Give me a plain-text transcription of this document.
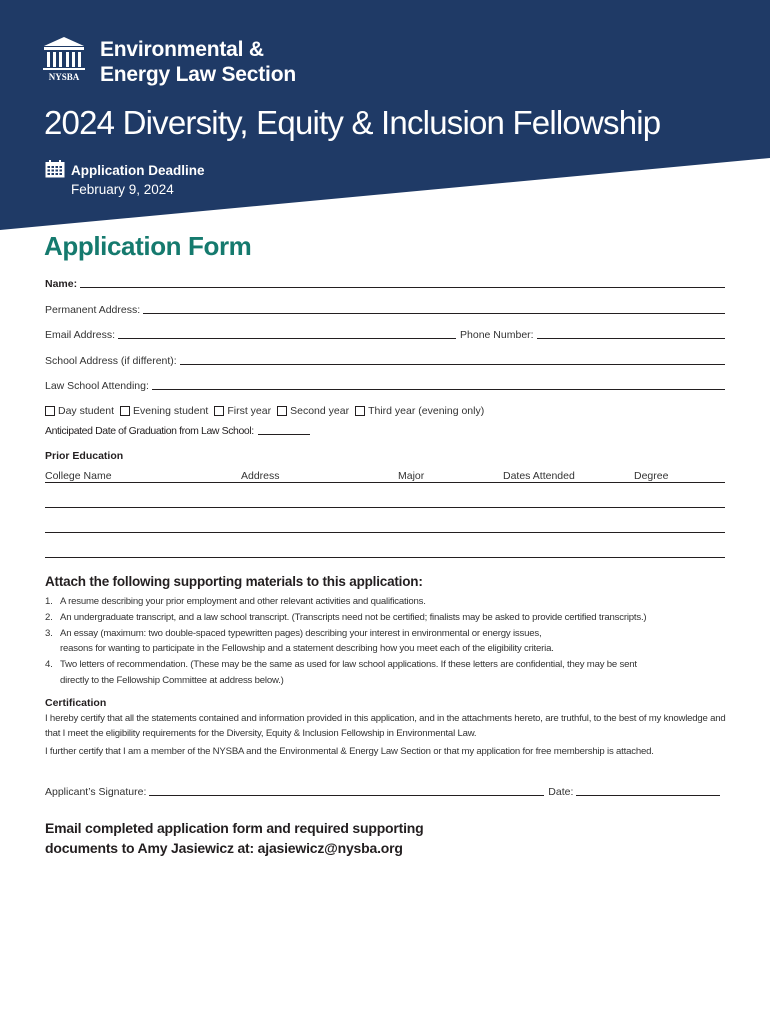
NYSBA
Environmental &
Energy Law Section
2024 Diversity, Equity & Inclusion Fellowship
Application Deadline
February 9, 2024
Application Form
Name:
Permanent Address:
Email Address:	Phone Number:
School Address (if different):
Law School Attending:
Day student Evening student First year Second year Third year (evening only)
Anticipated Date of Graduation from Law School:
Prior Education
College Name	Address	Major	Dates Attended	Degree
Attach the following supporting materials to this application:
1. A resume describing your prior employment and other relevant activities and qualifications.
2. An undergraduate transcript, and a law school transcript. (Transcripts need not be certified; finalists may be asked to provide certified transcripts.)
3. An essay (maximum: two double-spaced typewritten pages) describing your interest in environmental or energy issues,
reasons for wanting to participate in the Fellowship and a statement describing how you meet each of the eligibility criteria.
4. Two letters of recommendation. (These may be the same as used for law school applications. If these letters are confidential, they may be sent
directly to the Fellowship Committee at address below.)
Certification
I hereby certify that all the statements contained and information provided in this application, and in the attachments hereto, are truthful, to the best of my knowledge and that I meet the eligibility requirements for the Diversity, Equity & Inclusion Fellowship in Environmental Law.
I further certify that I am a member of the NYSBA and the Environmental & Energy Law Section or that my application for free membership is attached.
Applicant’s Signature:	Date:
Email completed application form and required supporting
documents to Amy Jasiewicz at: ajasiewicz@nysba.org
